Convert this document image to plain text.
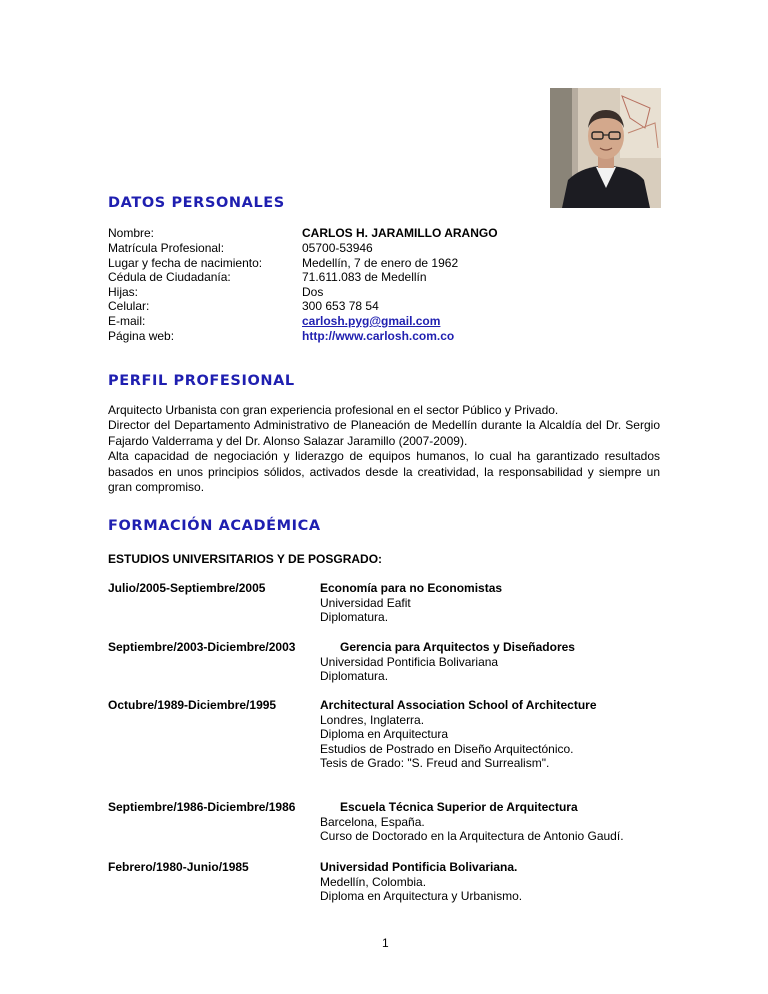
DATOS PERSONALES
Nombre:	CARLOS H. JARAMILLO ARANGO
Matrícula Profesional:	05700-53946
Lugar y fecha de nacimiento:	Medellín, 7 de enero de 1962
Cédula de Ciudadanía:	71.611.083 de Medellín
Hijas:	Dos
Celular:	300 653 78 54
E-mail:	carlosh.pyg@gmail.com
Página web:	http://www.carlosh.com.co
PERFIL PROFESIONAL

Arquitecto Urbanista con gran experiencia profesional en el sector Público y Privado.

Director del Departamento Administrativo de Planeación de Medellín durante la Alcaldía del Dr. Sergio Fajardo Valderrama y del Dr. Alonso Salazar Jaramillo (2007-2009).

Alta capacidad de negociación y liderazgo de equipos humanos, lo cual ha garantizado resultados basados en unos principios sólidos, activados desde la creatividad, la responsabilidad y siempre un gran compromiso.

FORMACIÓN ACADÉMICA
ESTUDIOS UNIVERSITARIOS Y DE POSGRADO:
Julio/2005-Septiembre/2005	Economía para no Economistas
Universidad Eafit
Diplomatura.
Septiembre/2003-Diciembre/2003	Gerencia para Arquitectos y Diseñadores
Universidad Pontificia Bolivariana
Diplomatura.
Octubre/1989-Diciembre/1995	Architectural Association School of Architecture
Londres, Inglaterra.
Diploma en Arquitectura
Estudios de Postrado en Diseño Arquitectónico.
Tesis de Grado: "S. Freud and Surrealism".
Septiembre/1986-Diciembre/1986	Escuela Técnica Superior de Arquitectura
Barcelona, España.
Curso de Doctorado en la Arquitectura de Antonio Gaudí.
Febrero/1980-Junio/1985	Universidad Pontificia Bolivariana.
Medellín, Colombia.
Diploma en Arquitectura y Urbanismo.
1
